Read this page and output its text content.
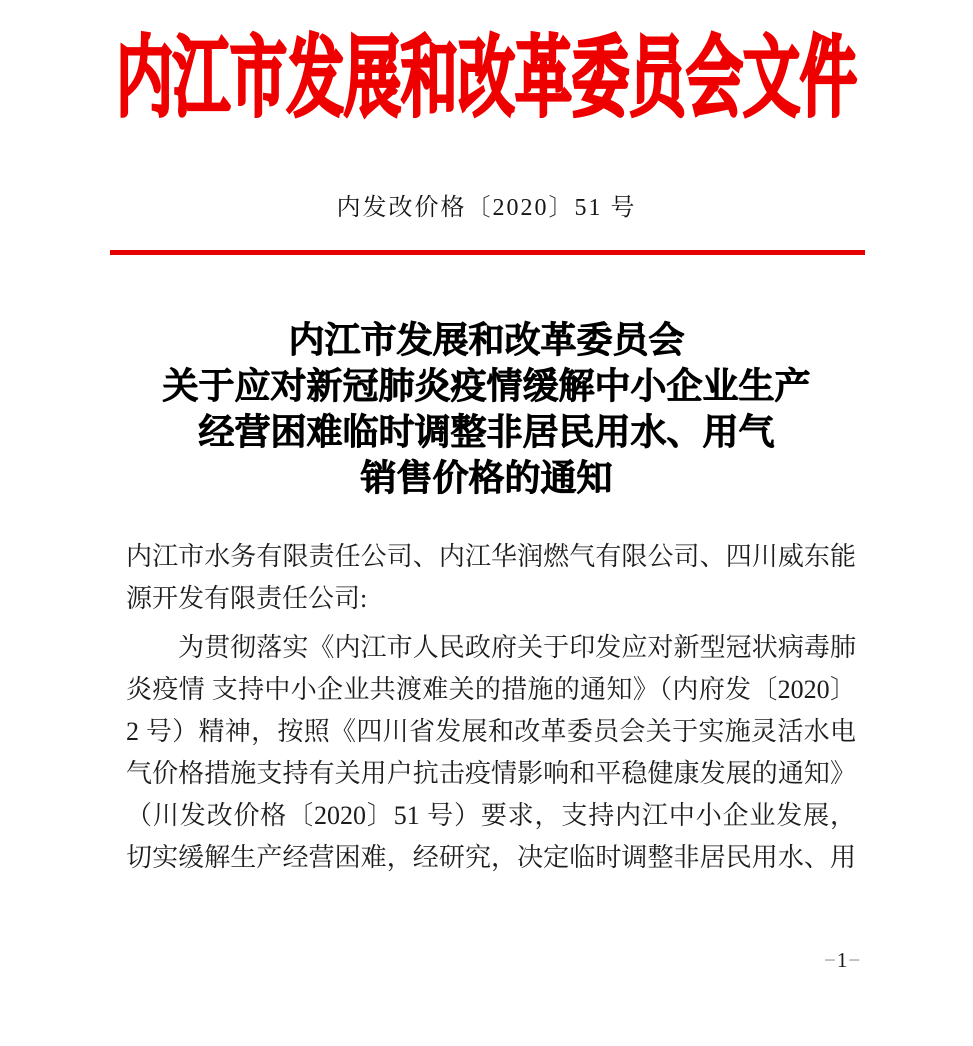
内江市发展和改革委员会文件
内发改价格〔2020〕51 号
内江市发展和改革委员会
关于应对新冠肺炎疫情缓解中小企业生产
经营困难临时调整非居民用水、用气
销售价格的通知
内江市水务有限责任公司、内江华润燃气有限公司、四川威东能
源开发有限责任公司:
为贯彻落实《内江市人民政府关于印发应对新型冠状病毒肺
炎疫情 支持中小企业共渡难关的措施的通知》（内府发〔2020〕
2 号）精神，按照《四川省发展和改革委员会关于实施灵活水电
气价格措施支持有关用户抗击疫情影响和平稳健康发展的通知》
（川发改价格〔2020〕51 号）要求，支持内江中小企业发展，
切实缓解生产经营困难，经研究，决定临时调整非居民用水、用
−1−
